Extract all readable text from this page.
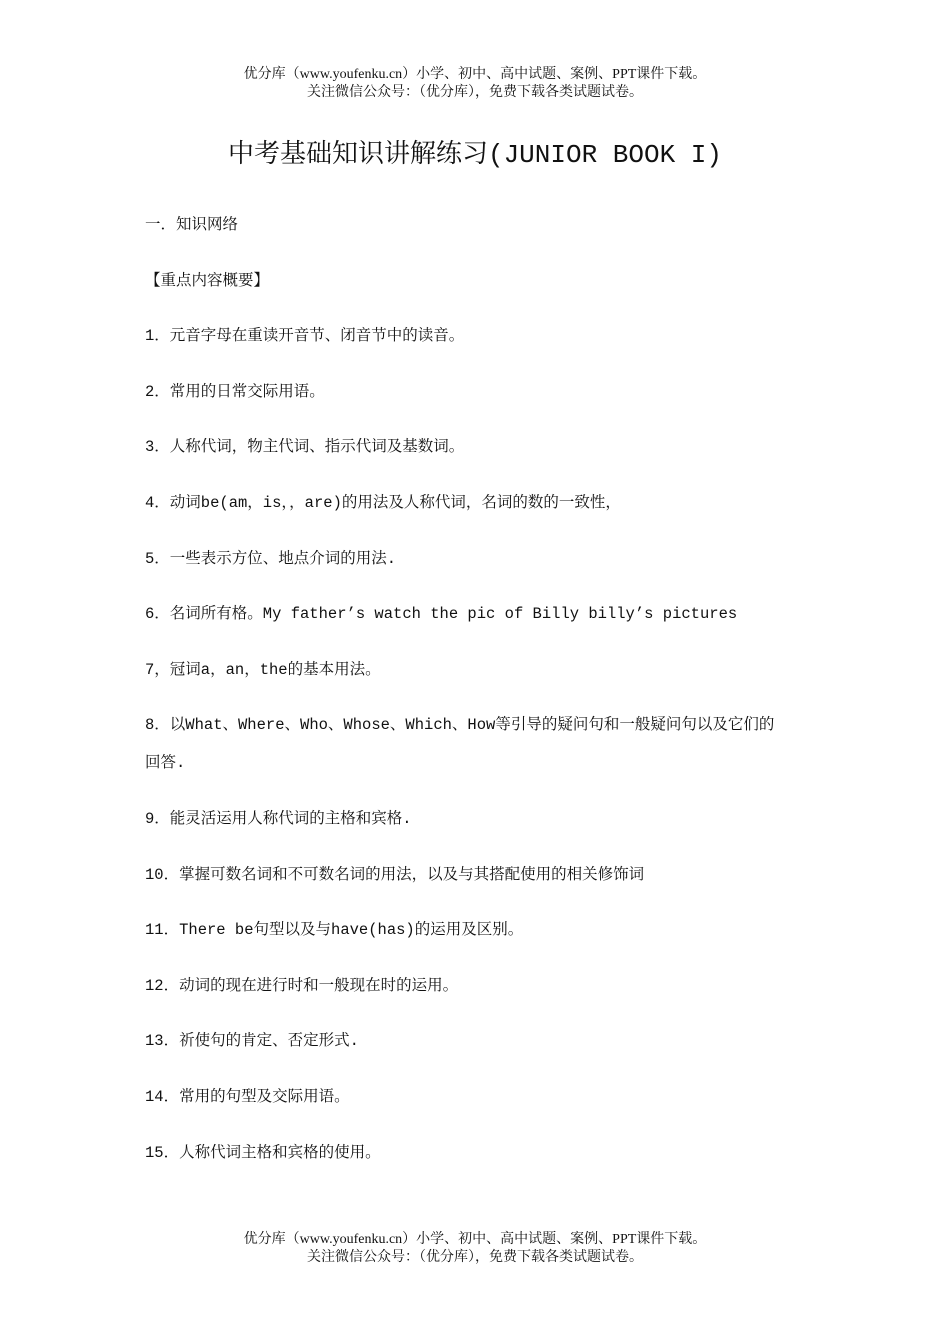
优分库（www.youfenku.cn）小学、初中、高中试题、案例、PPT课件下载。
关注微信公众号：（优分库），免费下载各类试题试卷。
中考基础知识讲解练习(JUNIOR BOOK I)
一．知识网络
【重点内容概要】
1．元音字母在重读开音节、闭音节中的读音。
2．常用的日常交际用语。
3．人称代词，物主代词、指示代词及基数词。
4．动词be(am，is，，are)的用法及人称代词，名词的数的一致性，
5．一些表示方位、地点介词的用法.
6．名词所有格。My father’s watch the pic of Billy billy’s pictures
7，冠词a，an，the的基本用法。
8．以What、Where、Who、Whose、Which、How等引导的疑问句和一般疑问句以及它们的
回答.
9．能灵活运用人称代词的主格和宾格.
10．掌握可数名词和不可数名词的用法，以及与其搭配使用的相关修饰词
11．There be句型以及与have(has)的运用及区别。
12．动词的现在进行时和一般现在时的运用。
13．祈使句的肯定、否定形式.
14．常用的句型及交际用语。
15．人称代词主格和宾格的使用。
优分库（www.youfenku.cn）小学、初中、高中试题、案例、PPT课件下载。
关注微信公众号：（优分库），免费下载各类试题试卷。
